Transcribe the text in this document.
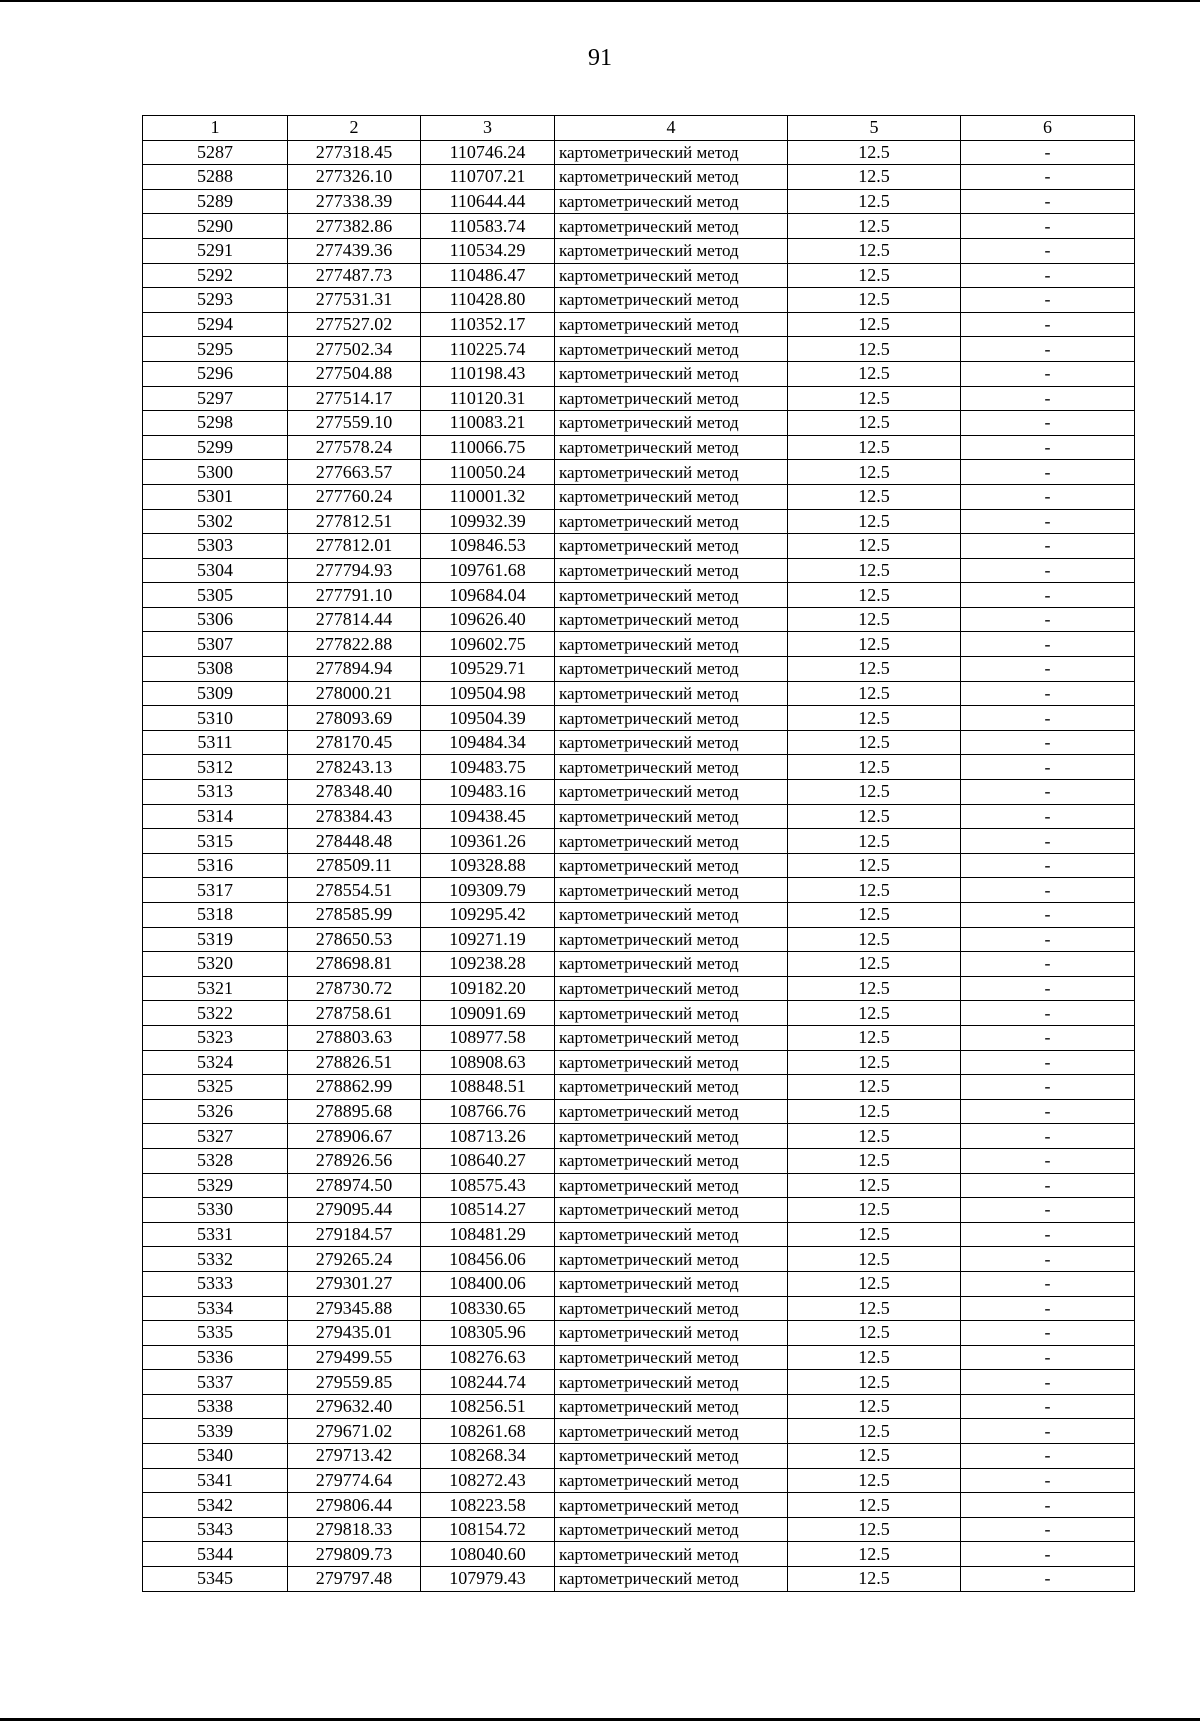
91
1	2	3	4	5	6
5287	277318.45	110746.24	картометрический метод	12.5	-
5288	277326.10	110707.21	картометрический метод	12.5	-
5289	277338.39	110644.44	картометрический метод	12.5	-
5290	277382.86	110583.74	картометрический метод	12.5	-
5291	277439.36	110534.29	картометрический метод	12.5	-
5292	277487.73	110486.47	картометрический метод	12.5	-
5293	277531.31	110428.80	картометрический метод	12.5	-
5294	277527.02	110352.17	картометрический метод	12.5	-
5295	277502.34	110225.74	картометрический метод	12.5	-
5296	277504.88	110198.43	картометрический метод	12.5	-
5297	277514.17	110120.31	картометрический метод	12.5	-
5298	277559.10	110083.21	картометрический метод	12.5	-
5299	277578.24	110066.75	картометрический метод	12.5	-
5300	277663.57	110050.24	картометрический метод	12.5	-
5301	277760.24	110001.32	картометрический метод	12.5	-
5302	277812.51	109932.39	картометрический метод	12.5	-
5303	277812.01	109846.53	картометрический метод	12.5	-
5304	277794.93	109761.68	картометрический метод	12.5	-
5305	277791.10	109684.04	картометрический метод	12.5	-
5306	277814.44	109626.40	картометрический метод	12.5	-
5307	277822.88	109602.75	картометрический метод	12.5	-
5308	277894.94	109529.71	картометрический метод	12.5	-
5309	278000.21	109504.98	картометрический метод	12.5	-
5310	278093.69	109504.39	картометрический метод	12.5	-
5311	278170.45	109484.34	картометрический метод	12.5	-
5312	278243.13	109483.75	картометрический метод	12.5	-
5313	278348.40	109483.16	картометрический метод	12.5	-
5314	278384.43	109438.45	картометрический метод	12.5	-
5315	278448.48	109361.26	картометрический метод	12.5	-
5316	278509.11	109328.88	картометрический метод	12.5	-
5317	278554.51	109309.79	картометрический метод	12.5	-
5318	278585.99	109295.42	картометрический метод	12.5	-
5319	278650.53	109271.19	картометрический метод	12.5	-
5320	278698.81	109238.28	картометрический метод	12.5	-
5321	278730.72	109182.20	картометрический метод	12.5	-
5322	278758.61	109091.69	картометрический метод	12.5	-
5323	278803.63	108977.58	картометрический метод	12.5	-
5324	278826.51	108908.63	картометрический метод	12.5	-
5325	278862.99	108848.51	картометрический метод	12.5	-
5326	278895.68	108766.76	картометрический метод	12.5	-
5327	278906.67	108713.26	картометрический метод	12.5	-
5328	278926.56	108640.27	картометрический метод	12.5	-
5329	278974.50	108575.43	картометрический метод	12.5	-
5330	279095.44	108514.27	картометрический метод	12.5	-
5331	279184.57	108481.29	картометрический метод	12.5	-
5332	279265.24	108456.06	картометрический метод	12.5	-
5333	279301.27	108400.06	картометрический метод	12.5	-
5334	279345.88	108330.65	картометрический метод	12.5	-
5335	279435.01	108305.96	картометрический метод	12.5	-
5336	279499.55	108276.63	картометрический метод	12.5	-
5337	279559.85	108244.74	картометрический метод	12.5	-
5338	279632.40	108256.51	картометрический метод	12.5	-
5339	279671.02	108261.68	картометрический метод	12.5	-
5340	279713.42	108268.34	картометрический метод	12.5	-
5341	279774.64	108272.43	картометрический метод	12.5	-
5342	279806.44	108223.58	картометрический метод	12.5	-
5343	279818.33	108154.72	картометрический метод	12.5	-
5344	279809.73	108040.60	картометрический метод	12.5	-
5345	279797.48	107979.43	картометрический метод	12.5	-
